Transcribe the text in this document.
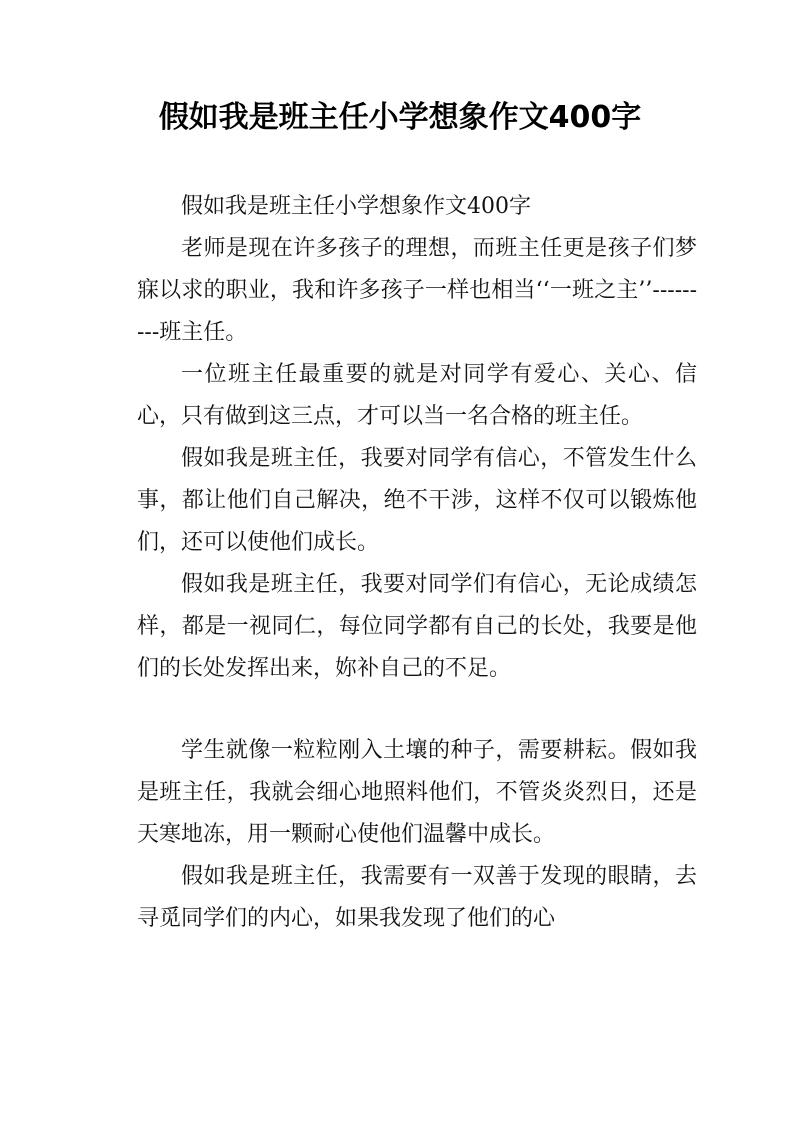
假如我是班主任小学想象作文400字

假如我是班主任小学想象作文400字

老师是现在许多孩子的理想，而班主任更是孩子们梦寐以求的职业，我和许多孩子一样也相当‘‘一班之主’’---------班主任。

一位班主任最重要的就是对同学有爱心、关心、信心，只有做到这三点，才可以当一名合格的班主任。

假如我是班主任，我要对同学有信心，不管发生什么事，都让他们自己解决，绝不干涉，这样不仅可以锻炼他们，还可以使他们成长。

假如我是班主任，我要对同学们有信心，无论成绩怎样，都是一视同仁，每位同学都有自己的长处，我要是他们的长处发挥出来，妳补自己的不足。

学生就像一粒粒刚入土壤的种子，需要耕耘。假如我是班主任，我就会细心地照料他们，不管炎炎烈日，还是天寒地冻，用一颗耐心使他们温馨中成长。

假如我是班主任，我需要有一双善于发现的眼睛，去寻觅同学们的内心，如果我发现了他们的心
